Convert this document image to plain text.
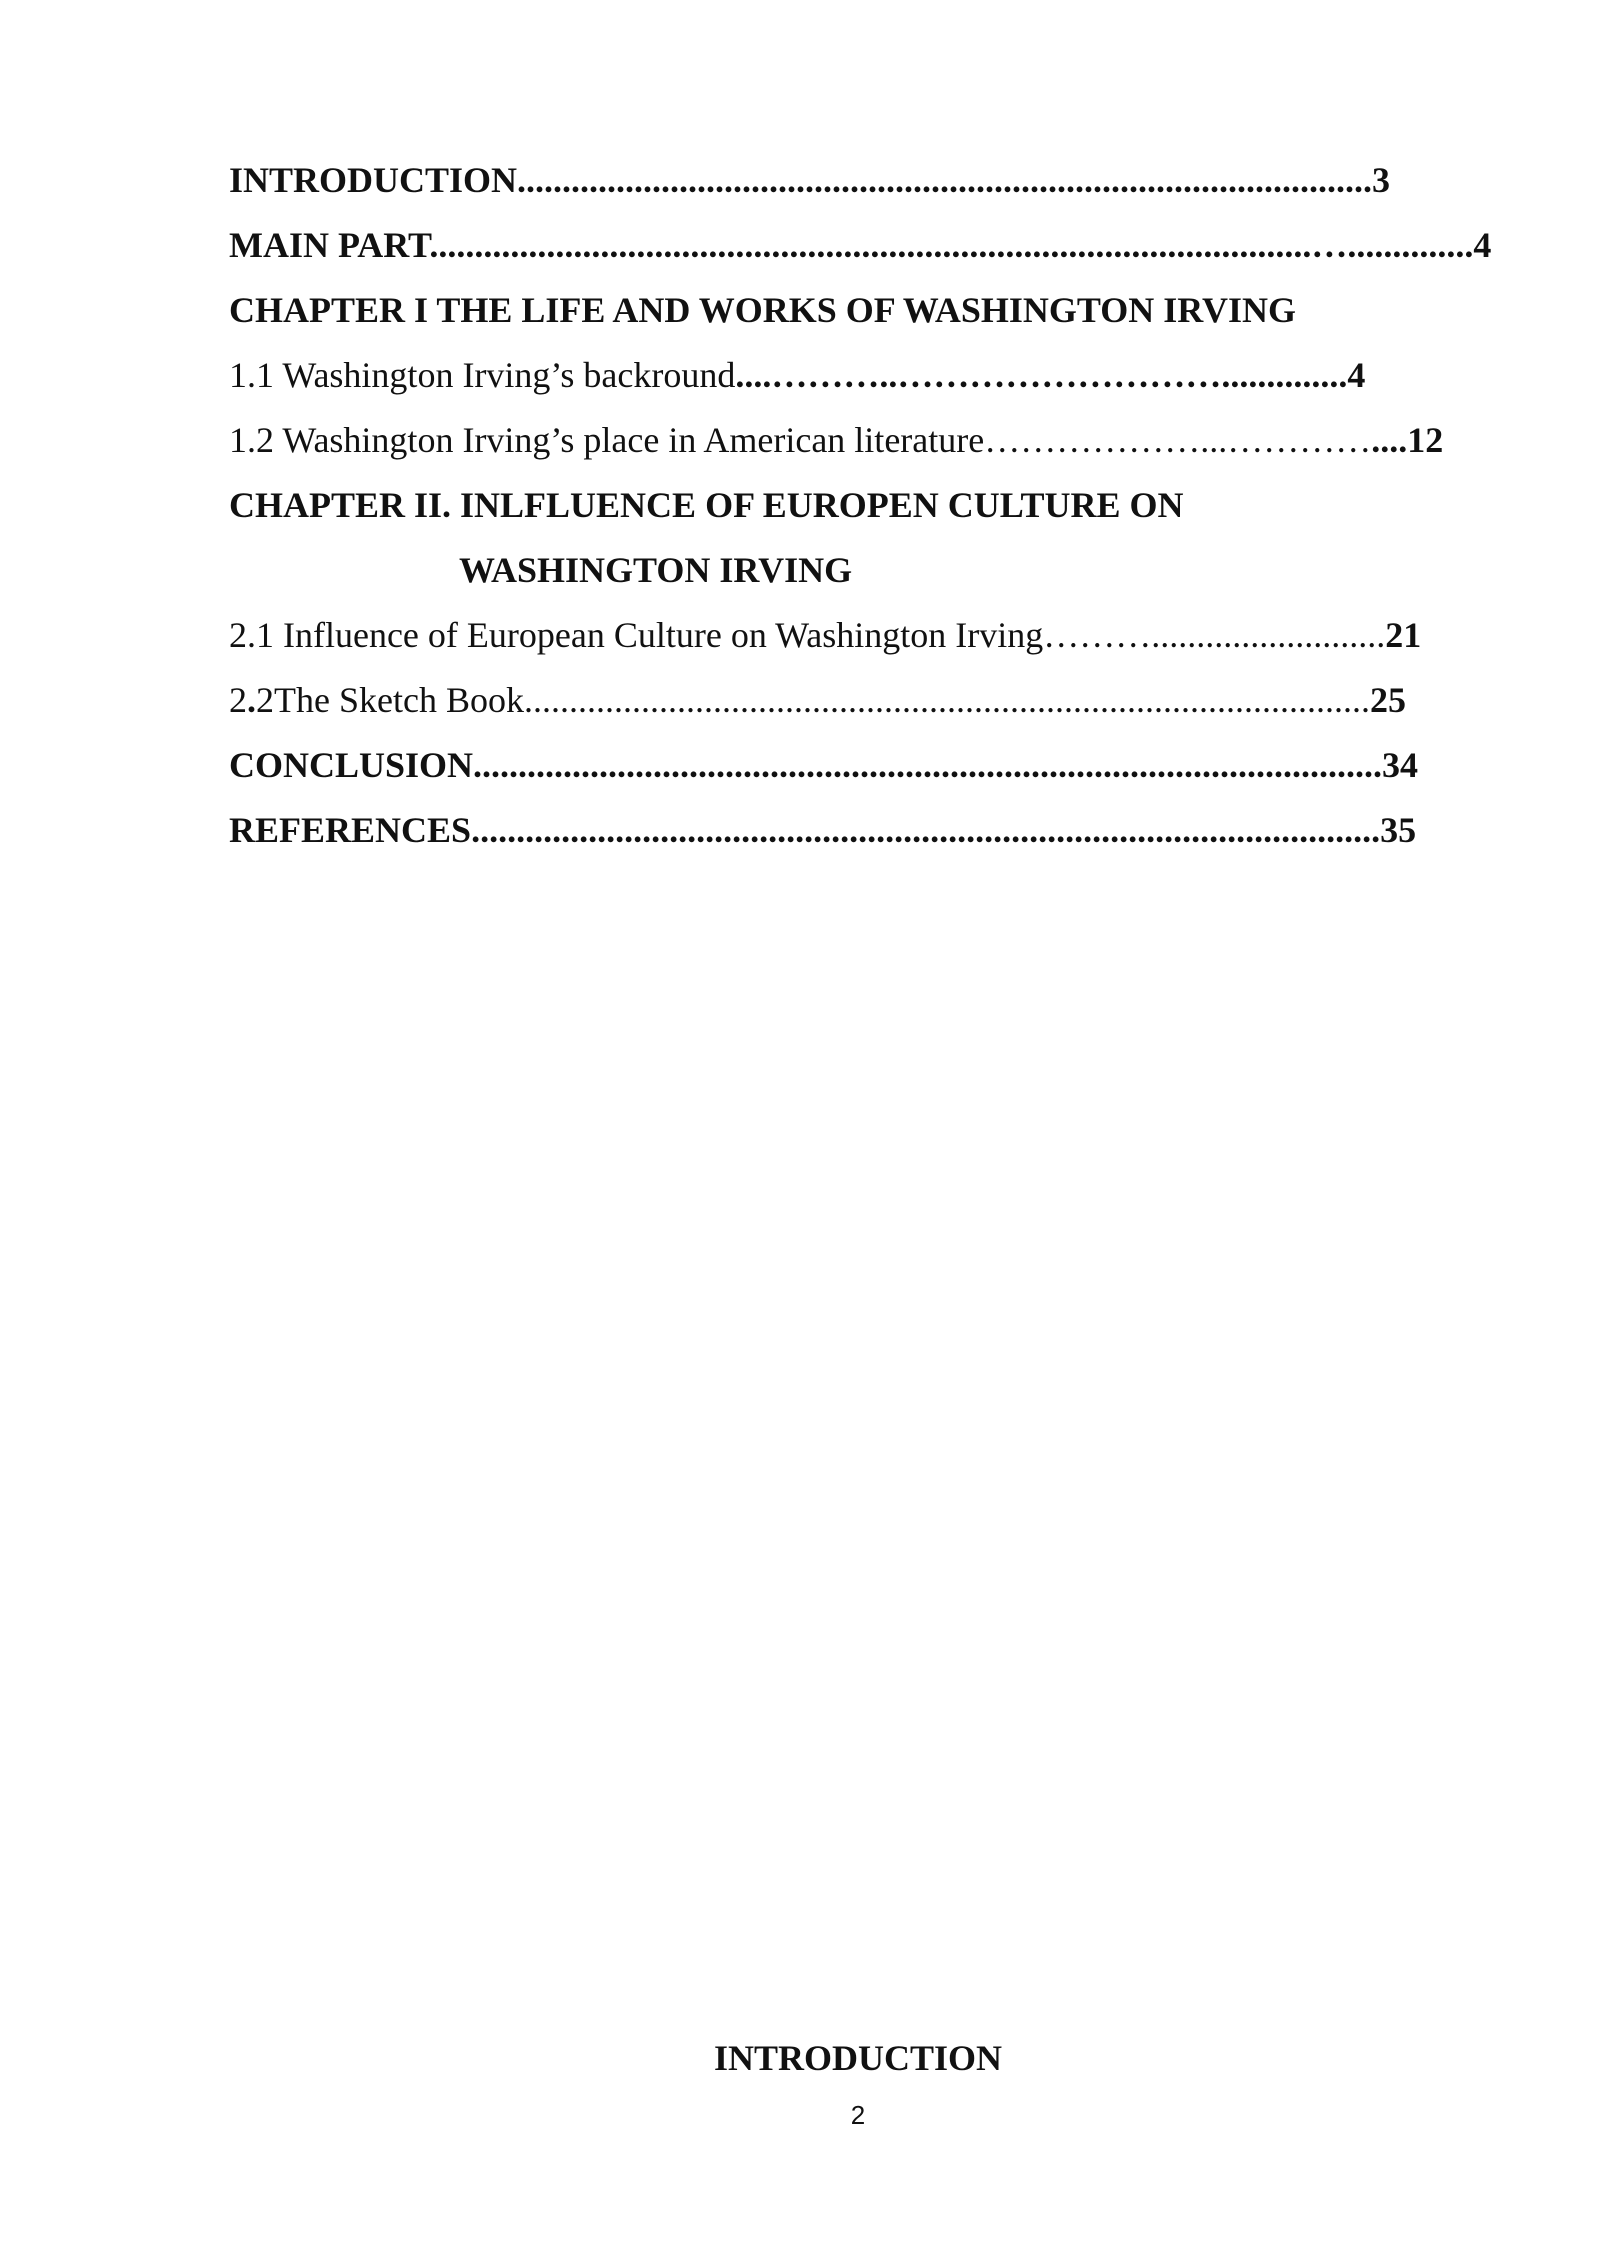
INTRODUCTION...............................................................................................3
MAIN PART..................................................................................................…..............4
CHAPTER I THE LIFE AND WORKS OF WASHINGTON IRVING
1.1 Washington Irving’s backround....………..………………………..............4
1.2 Washington Irving’s place in American literature………………...…………....12
CHAPTER II. INLFLUENCE OF EUROPEN CULTURE ON
WASHINGTON IRVING
2.1 Influence of European Culture on Washington Irving………..........................21
2.2The Sketch Book..............................................................................................25
CONCLUSION.....................................................................................................34
REFERENCES.....................................................................................................35
INTRODUCTION
2
